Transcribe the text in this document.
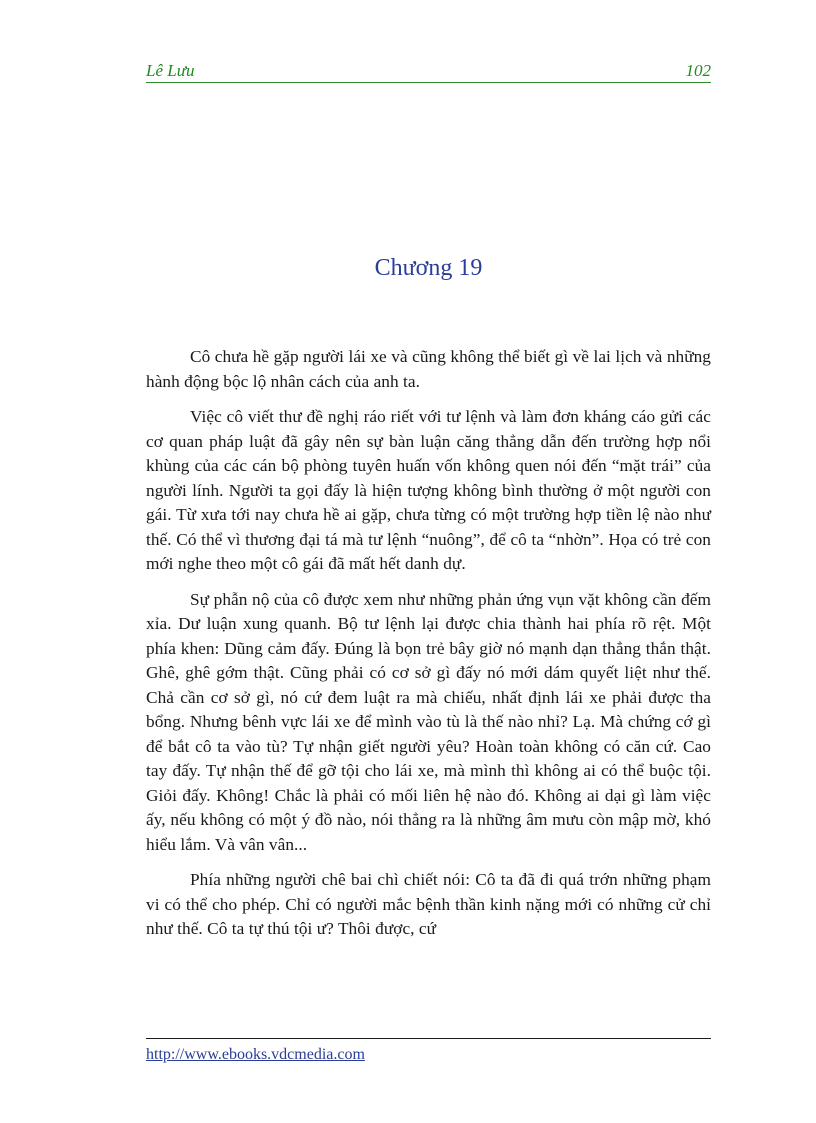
Lê Lưu	102
Chương 19

Cô chưa hề gặp người lái xe và cũng không thể biết gì về lai lịch và những hành động bộc lộ nhân cách của anh ta.

Việc cô viết thư đề nghị ráo riết với tư lệnh và làm đơn kháng cáo gửi các cơ quan pháp luật đã gây nên sự bàn luận căng thẳng dẫn đến trường hợp nổi khùng của các cán bộ phòng tuyên huấn vốn không quen nói đến “mặt trái” của người lính. Người ta gọi đấy là hiện tượng không bình thường ở một người con gái. Từ xưa tới nay chưa hề ai gặp, chưa từng có một trường hợp tiền lệ nào như thế. Có thể vì thương đại tá mà tư lệnh “nuông”, để cô ta “nhờn”. Họa có trẻ con mới nghe theo một cô gái đã mất hết danh dự.

Sự phẫn nộ của cô được xem như những phản ứng vụn vặt không cần đếm xỉa. Dư luận xung quanh. Bộ tư lệnh lại được chia thành hai phía rõ rệt. Một phía khen: Dũng cảm đấy. Đúng là bọn trẻ bây giờ nó mạnh dạn thẳng thắn thật. Ghê, ghê gớm thật. Cũng phải có cơ sở gì đấy nó mới dám quyết liệt như thế. Chả cần cơ sở gì, nó cứ đem luật ra mà chiếu, nhất định lái xe phải được tha bổng. Nhưng bênh vực lái xe để mình vào tù là thế nào nhỉ? Lạ. Mà chứng cớ gì để bắt cô ta vào tù? Tự nhận giết người yêu? Hoàn toàn không có căn cứ. Cao tay đấy. Tự nhận thế để gỡ tội cho lái xe, mà mình thì không ai có thể buộc tội. Giỏi đấy. Không! Chắc là phải có mối liên hệ nào đó. Không ai dại gì làm việc ấy, nếu không có một ý đồ nào, nói thẳng ra là những âm mưu còn mập mờ, khó hiểu lắm. Và vân vân...

Phía những người chê bai chì chiết nói: Cô ta đã đi quá trớn những phạm vi có thể cho phép. Chỉ có người mắc bệnh thần kinh nặng mới có những cử chỉ như thế. Cô ta tự thú tội ư? Thôi được, cứ

http://www.ebooks.vdcmedia.com
